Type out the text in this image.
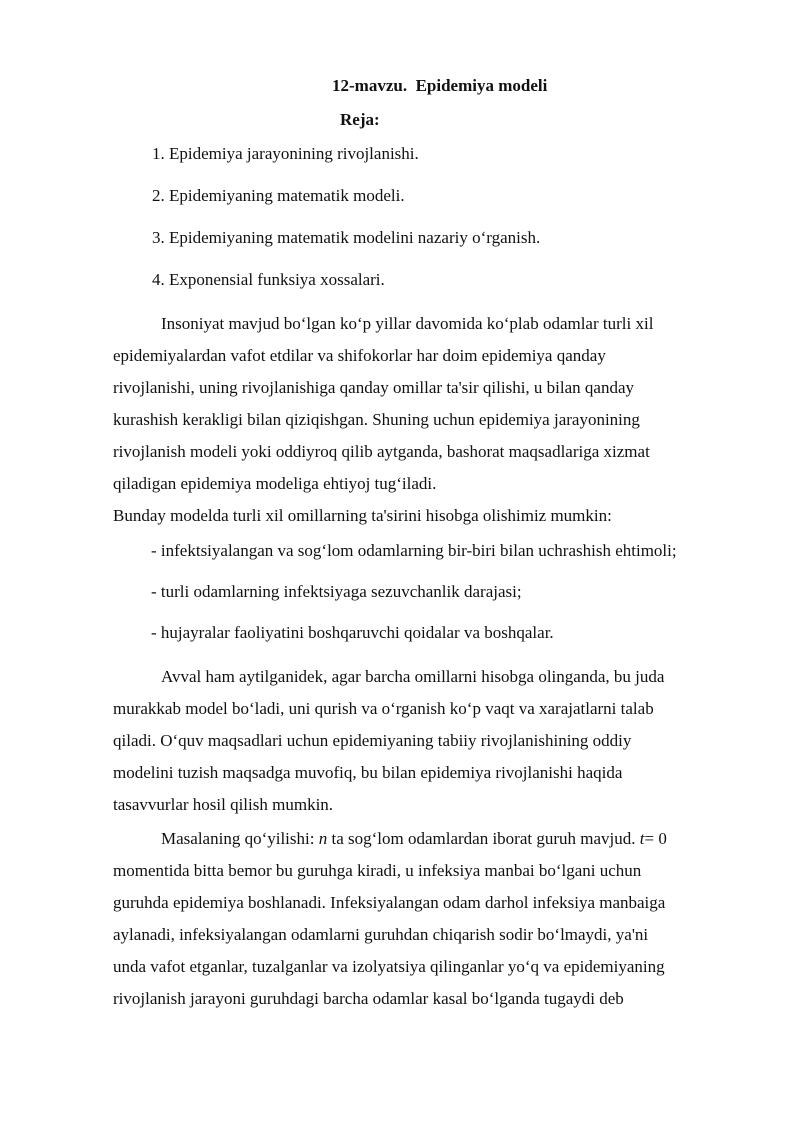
12-mavzu.  Epidemiya modeli
Reja:
1. Epidemiya jarayonining rivojlanishi.
2. Epidemiyaning matematik modeli.
3. Epidemiyaning matematik modelini nazariy o‘rganish.
4. Exponensial funksiya xossalari.
Insoniyat mavjud bo‘lgan ko‘p yillar davomida ko‘plab odamlar turli xil
epidemiyalardan vafot etdilar va shifokorlar har doim epidemiya qanday
rivojlanishi, uning rivojlanishiga qanday omillar ta'sir qilishi, u bilan qanday
kurashish kerakligi bilan qiziqishgan. Shuning uchun epidemiya jarayonining
rivojlanish modeli yoki oddiyroq qilib aytganda, bashorat maqsadlariga xizmat
qiladigan epidemiya modeliga ehtiyoj tug‘iladi.
Bunday modelda turli xil omillarning ta'sirini hisobga olishimiz mumkin:
- infektsiyalangan va sog‘lom odamlarning bir-biri bilan uchrashish ehtimoli;
- turli odamlarning infektsiyaga sezuvchanlik darajasi;
- hujayralar faoliyatini boshqaruvchi qoidalar va boshqalar.
Avval ham aytilganidek, agar barcha omillarni hisobga olinganda, bu juda
murakkab model bo‘ladi, uni qurish va o‘rganish ko‘p vaqt va xarajatlarni talab
qiladi. O‘quv maqsadlari uchun epidemiyaning tabiiy rivojlanishining oddiy
modelini tuzish maqsadga muvofiq, bu bilan epidemiya rivojlanishi haqida
tasavvurlar hosil qilish mumkin.
Masalaning qo‘yilishi: n ta sog‘lom odamlardan iborat guruh mavjud. t= 0
momentida bitta bemor bu guruhga kiradi, u infeksiya manbai bo‘lgani uchun
guruhda epidemiya boshlanadi. Infeksiyalangan odam darhol infeksiya manbaiga
aylanadi, infeksiyalangan odamlarni guruhdan chiqarish sodir bo‘lmaydi, ya'ni
unda vafot etganlar, tuzalganlar va izolyatsiya qilinganlar yo‘q va epidemiyaning
rivojlanish jarayoni guruhdagi barcha odamlar kasal bo‘lganda tugaydi deb
